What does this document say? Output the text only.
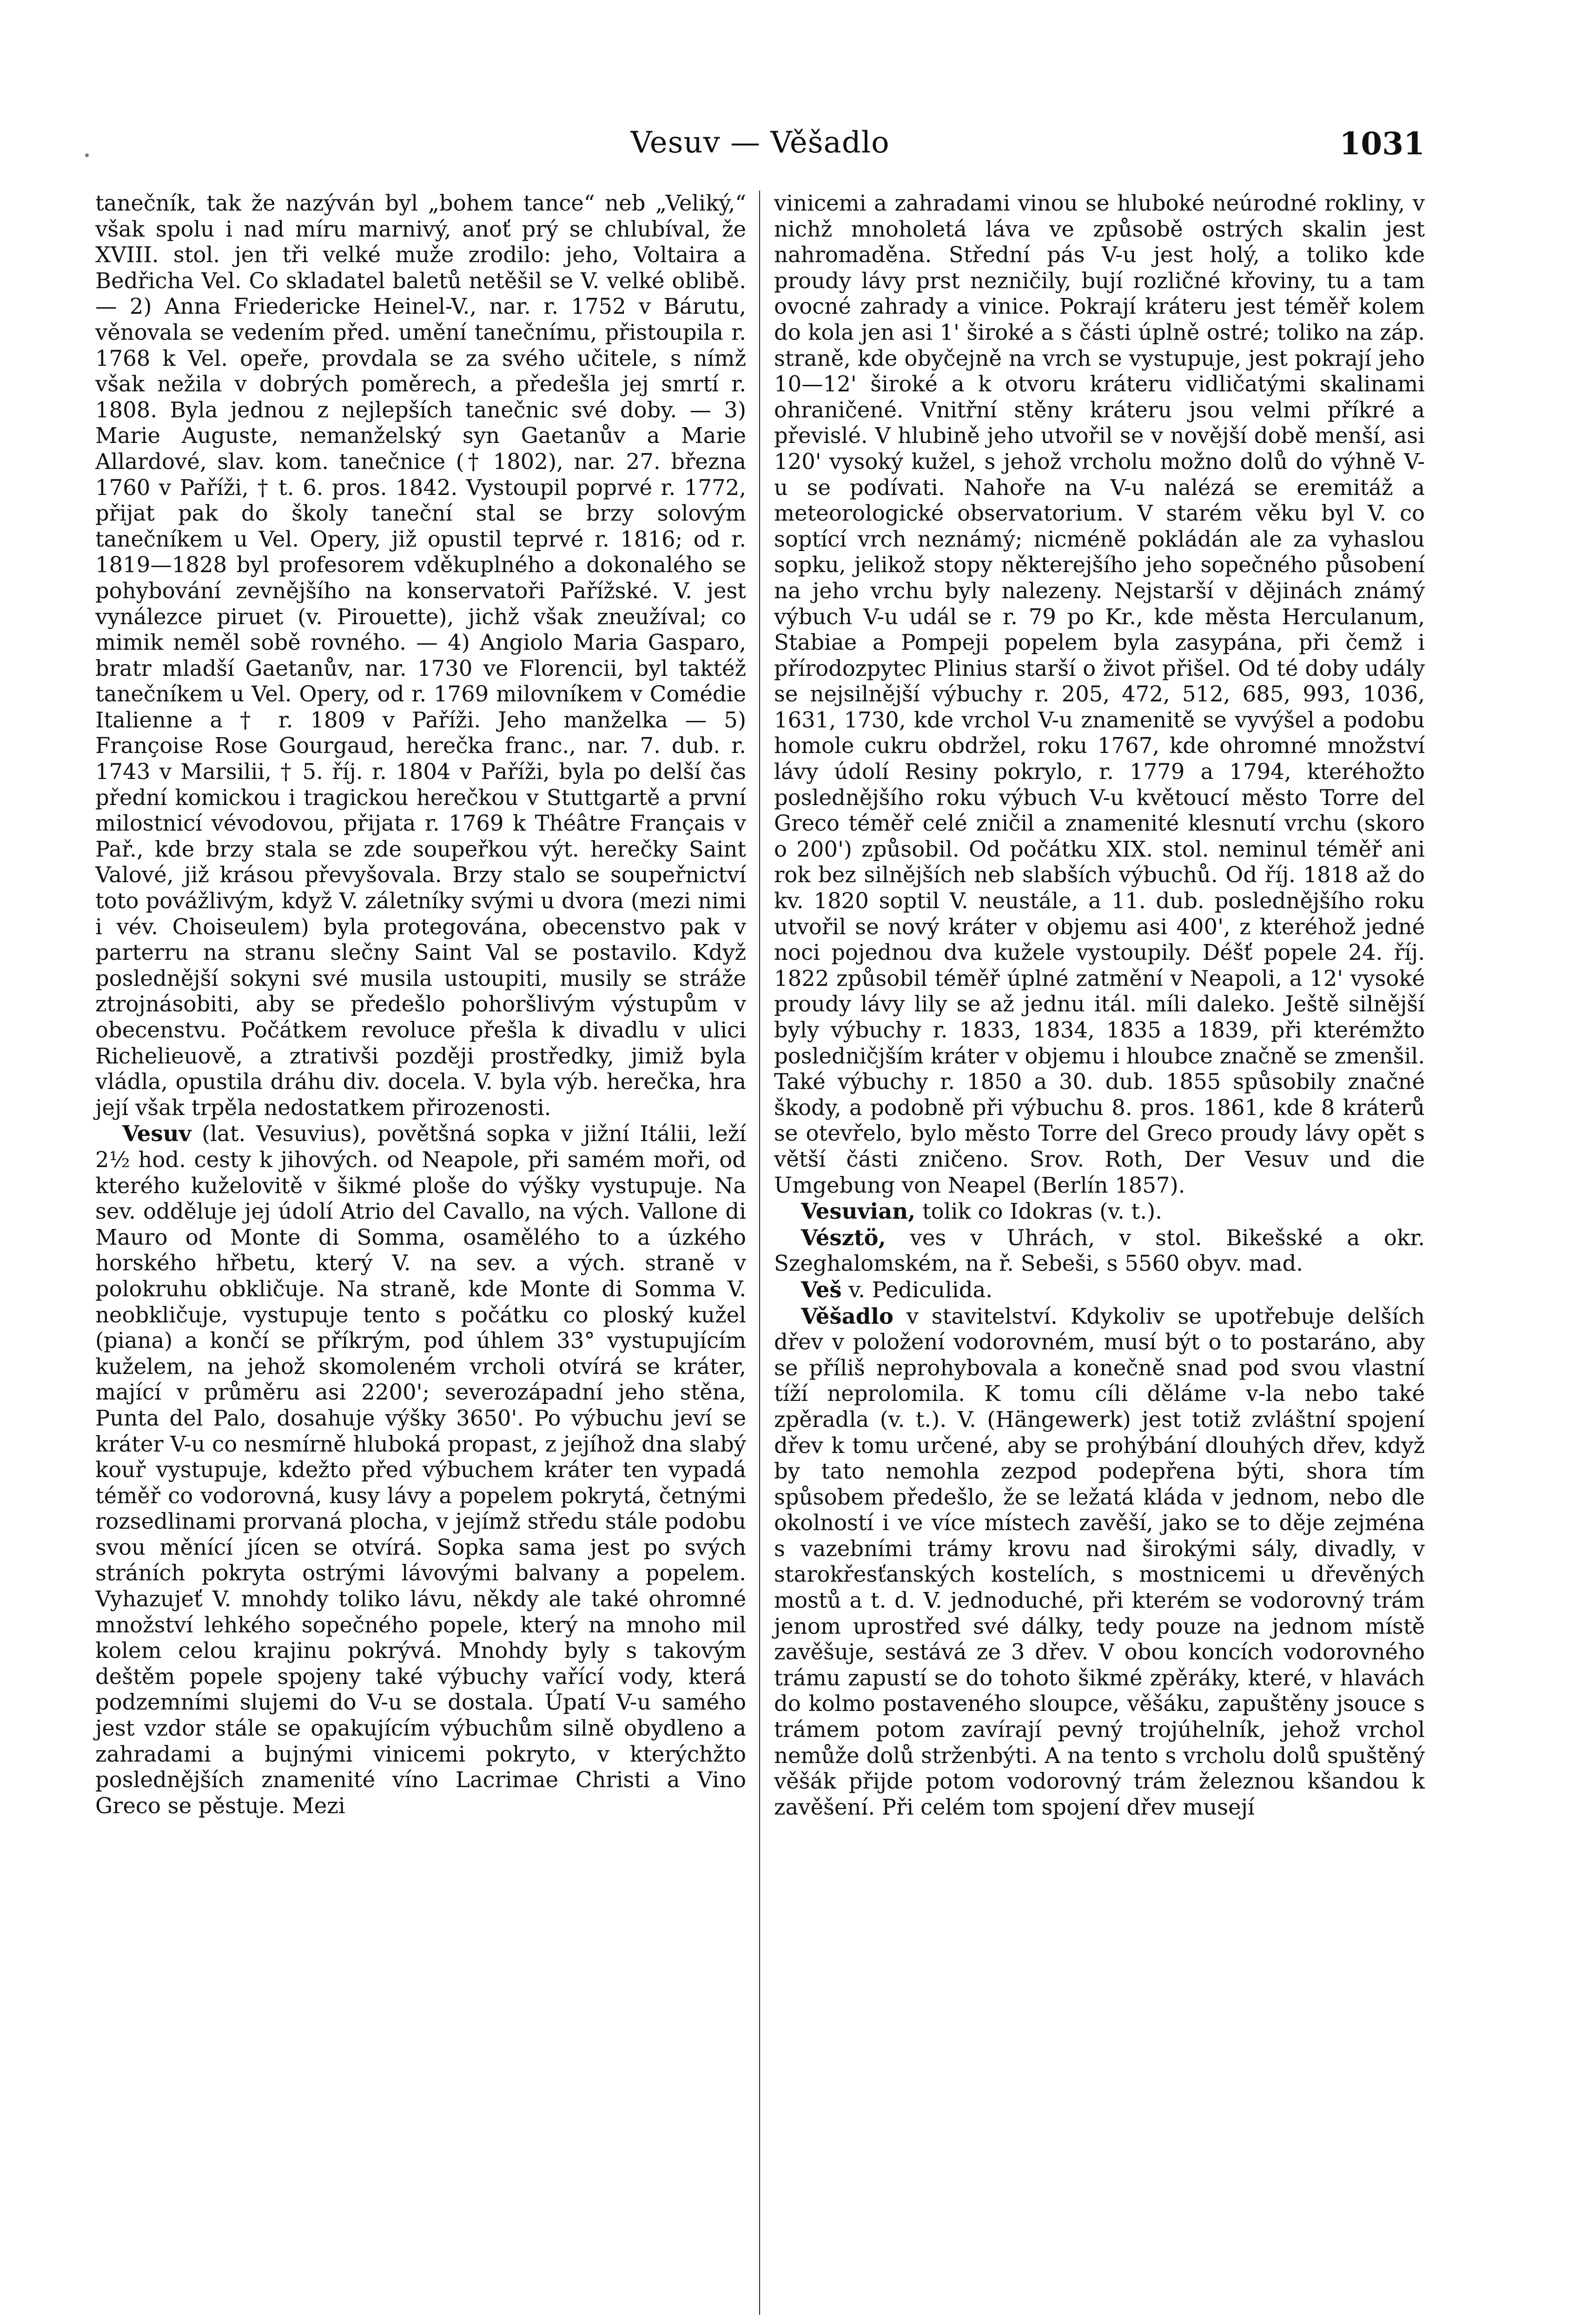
Vesuv — Věšadlo	1031

tanečník, tak že nazýván byl „bohem tance“ neb „Veliký,“ však spolu i nad míru marnivý, anoť prý se chlubíval, že XVIII. stol. jen tři velké muže zrodilo: jeho, Voltaira a Bedřicha Vel. Co skladatel baletů netěšil se V. velké oblibě. — 2) Anna Friedericke Heinel-V., nar. r. 1752 v Bárutu, věnovala se vedením před. umění tanečnímu, přistoupila r. 1768 k Vel. opeře, provdala se za svého učitele, s nímž však nežila v dobrých poměrech, a předešla jej smrtí r. 1808. Byla jednou z nejlepších tanečnic své doby. — 3) Marie Auguste, nemanželský syn Gaetanův a Marie Allardové, slav. kom. tanečnice († 1802), nar. 27. března 1760 v Paříži, † t. 6. pros. 1842. Vystoupil poprvé r. 1772, přijat pak do školy taneční stal se brzy solovým tanečníkem u Vel. Opery, již opustil teprvé r. 1816; od r. 1819—1828 byl profesorem vděkuplného a dokonalého se pohybování zevnějšího na konservatoři Pařížské. V. jest vynálezce piruet (v. Pirouette), jichž však zneužíval; co mimik neměl sobě rovného. — 4) Angiolo Maria Gasparo, bratr mladší Gaetanův, nar. 1730 ve Florencii, byl taktéž tanečníkem u Vel. Opery, od r. 1769 milovníkem v Comédie Italienne a † r. 1809 v Paříži. Jeho manželka — 5) Françoise Rose Gourgaud, herečka franc., nar. 7. dub. r. 1743 v Marsilii, † 5. říj. r. 1804 v Paříži, byla po delší čas přední komickou i tragickou herečkou v Stuttgartě a první milostnicí vévodovou, přijata r. 1769 k Théâtre Français v Pař., kde brzy stala se zde soupeřkou výt. herečky Saint Valové, již krásou převyšovala. Brzy stalo se soupeřnictví toto povážlivým, když V. záletníky svými u dvora (mezi nimi i vév. Choiseulem) byla protegována, obecenstvo pak v parterru na stranu slečny Saint Val se postavilo. Když poslednější sokyni své musila ustoupiti, musily se stráže ztrojnásobiti, aby se předešlo pohoršlivým výstupům v obecenstvu. Počátkem revoluce přešla k divadlu v ulici Richelieuově, a ztrativši později prostředky, jimiž byla vládla, opustila dráhu div. docela. V. byla výb. herečka, hra její však trpěla nedostatkem přirozenosti.

Vesuv (lat. Vesuvius), povětšná sopka v jižní Itálii, leží 2½ hod. cesty k jihových. od Neapole, při samém moři, od kterého kuželovitě v šikmé ploše do výšky vystupuje. Na sev. odděluje jej údolí Atrio del Cavallo, na vých. Vallone di Mauro od Monte di Somma, osamělého to a úzkého horského hřbetu, který V. na sev. a vých. straně v polokruhu obkličuje. Na straně, kde Monte di Somma V. neobkličuje, vystupuje tento s počátku co ploský kužel (piana) a končí se příkrým, pod úhlem 33° vystupujícím kuželem, na jehož skomoleném vrcholi otvírá se kráter, mající v průměru asi 2200'; severozápadní jeho stěna, Punta del Palo, dosahuje výšky 3650'. Po výbuchu jeví se kráter V-u co nesmírně hluboká propast, z jejíhož dna slabý kouř vystupuje, kdežto před výbuchem kráter ten vypadá téměř co vodorovná, kusy lávy a popelem pokrytá, četnými rozsedlinami prorvaná plocha, v jejímž středu stále podobu svou měnící jícen se otvírá. Sopka sama jest po svých stráních pokryta ostrými lávovými balvany a popelem. Vyhazujeť V. mnohdy toliko lávu, někdy ale také ohromné množství lehkého sopečného popele, který na mnoho mil kolem celou krajinu pokrývá. Mnohdy byly s takovým deštěm popele spojeny také výbuchy vařící vody, která podzemními slujemi do V-u se dostala. Úpatí V-u samého jest vzdor stále se opakujícím výbuchům silně obydleno a zahradami a bujnými vinicemi pokryto, v kterýchžto poslednějších znamenité víno Lacrimae Christi a Vino Greco se pěstuje. Mezi

vinicemi a zahradami vinou se hluboké neúrodné rokliny, v nichž mnoholetá láva ve způsobě ostrých skalin jest nahromaděna. Střední pás V-u jest holý, a toliko kde proudy lávy prst nezničily, bují rozličné křoviny, tu a tam ovocné zahrady a vinice. Pokrají kráteru jest téměř kolem do kola jen asi 1' široké a s části úplně ostré; toliko na záp. straně, kde obyčejně na vrch se vystupuje, jest pokrají jeho 10—12' široké a k otvoru kráteru vidličatými skalinami ohraničené. Vnitřní stěny kráteru jsou velmi příkré a převislé. V hlubině jeho utvořil se v novější době menší, asi 120' vysoký kužel, s jehož vrcholu možno dolů do výhně V-u se podívati. Nahoře na V-u nalézá se eremitáž a meteorologické observatorium. V starém věku byl V. co soptící vrch neznámý; nicméně pokládán ale za vyhaslou sopku, jelikož stopy některejšího jeho sopečného působení na jeho vrchu byly nalezeny. Nejstarší v dějinách známý výbuch V-u udál se r. 79 po Kr., kde města Herculanum, Stabiae a Pompeji popelem byla zasypána, při čemž i přírodozpytec Plinius starší o život přišel. Od té doby udály se nejsilnější výbuchy r. 205, 472, 512, 685, 993, 1036, 1631, 1730, kde vrchol V-u znamenitě se vyvýšel a podobu homole cukru obdržel, roku 1767, kde ohromné množství lávy údolí Resiny pokrylo, r. 1779 a 1794, kteréhožto poslednějšího roku výbuch V-u květoucí město Torre del Greco téměř celé zničil a znamenité klesnutí vrchu (skoro o 200') způsobil. Od počátku XIX. stol. neminul téměř ani rok bez silnějších neb slabších výbuchů. Od říj. 1818 až do kv. 1820 soptil V. neustále, a 11. dub. poslednějšího roku utvořil se nový kráter v objemu asi 400', z kteréhož jedné noci pojednou dva kužele vystoupily. Déšť popele 24. říj. 1822 způsobil téměř úplné zatmění v Neapoli, a 12' vysoké proudy lávy lily se až jednu itál. míli daleko. Ještě silnější byly výbuchy r. 1833, 1834, 1835 a 1839, při kterémžto posledničjším kráter v objemu i hloubce značně se zmenšil. Také výbuchy r. 1850 a 30. dub. 1855 spůsobily značné škody, a podobně při výbuchu 8. pros. 1861, kde 8 kráterů se otevřelo, bylo město Torre del Greco proudy lávy opět s větší části zničeno. Srov. Roth, Der Vesuv und die Umgebung von Neapel (Berlín 1857).

Vesuvian, tolik co Idokras (v. t.).

Vésztö, ves v Uhrách, v stol. Bikešské a okr. Szeghalomském, na ř. Sebeši, s 5560 obyv. mad.

Veš v. Pediculida.

Věšadlo v stavitelství. Kdykoliv se upotřebuje delších dřev v položení vodorovném, musí být o to postaráno, aby se příliš neprohybovala a konečně snad pod svou vlastní tíží neprolomila. K tomu cíli děláme v-la nebo také zpěradla (v. t.). V. (Hängewerk) jest totiž zvláštní spojení dřev k tomu určené, aby se prohýbání dlouhých dřev, když by tato nemohla zezpod podepřena býti, shora tím spůsobem předešlo, že se ležatá kláda v jednom, nebo dle okolností i ve více místech zavěší, jako se to děje zejména s vazebními trámy krovu nad širokými sály, divadly, v starokřesťanských kostelích, s mostnicemi u dřevěných mostů a t. d. V. jednoduché, při kterém se vodorovný trám jenom uprostřed své dálky, tedy pouze na jednom místě zavěšuje, sestává ze 3 dřev. V obou koncích vodorovného trámu zapustí se do tohoto šikmé zpěráky, které, v hlavách do kolmo postaveného sloupce, věšáku, zapuštěny jsouce s trámem potom zavírají pevný trojúhelník, jehož vrchol nemůže dolů strženbýti. A na tento s vrcholu dolů spuštěný věšák přijde potom vodorovný trám železnou kšandou k zavěšení. Při celém tom spojení dřev musejí
